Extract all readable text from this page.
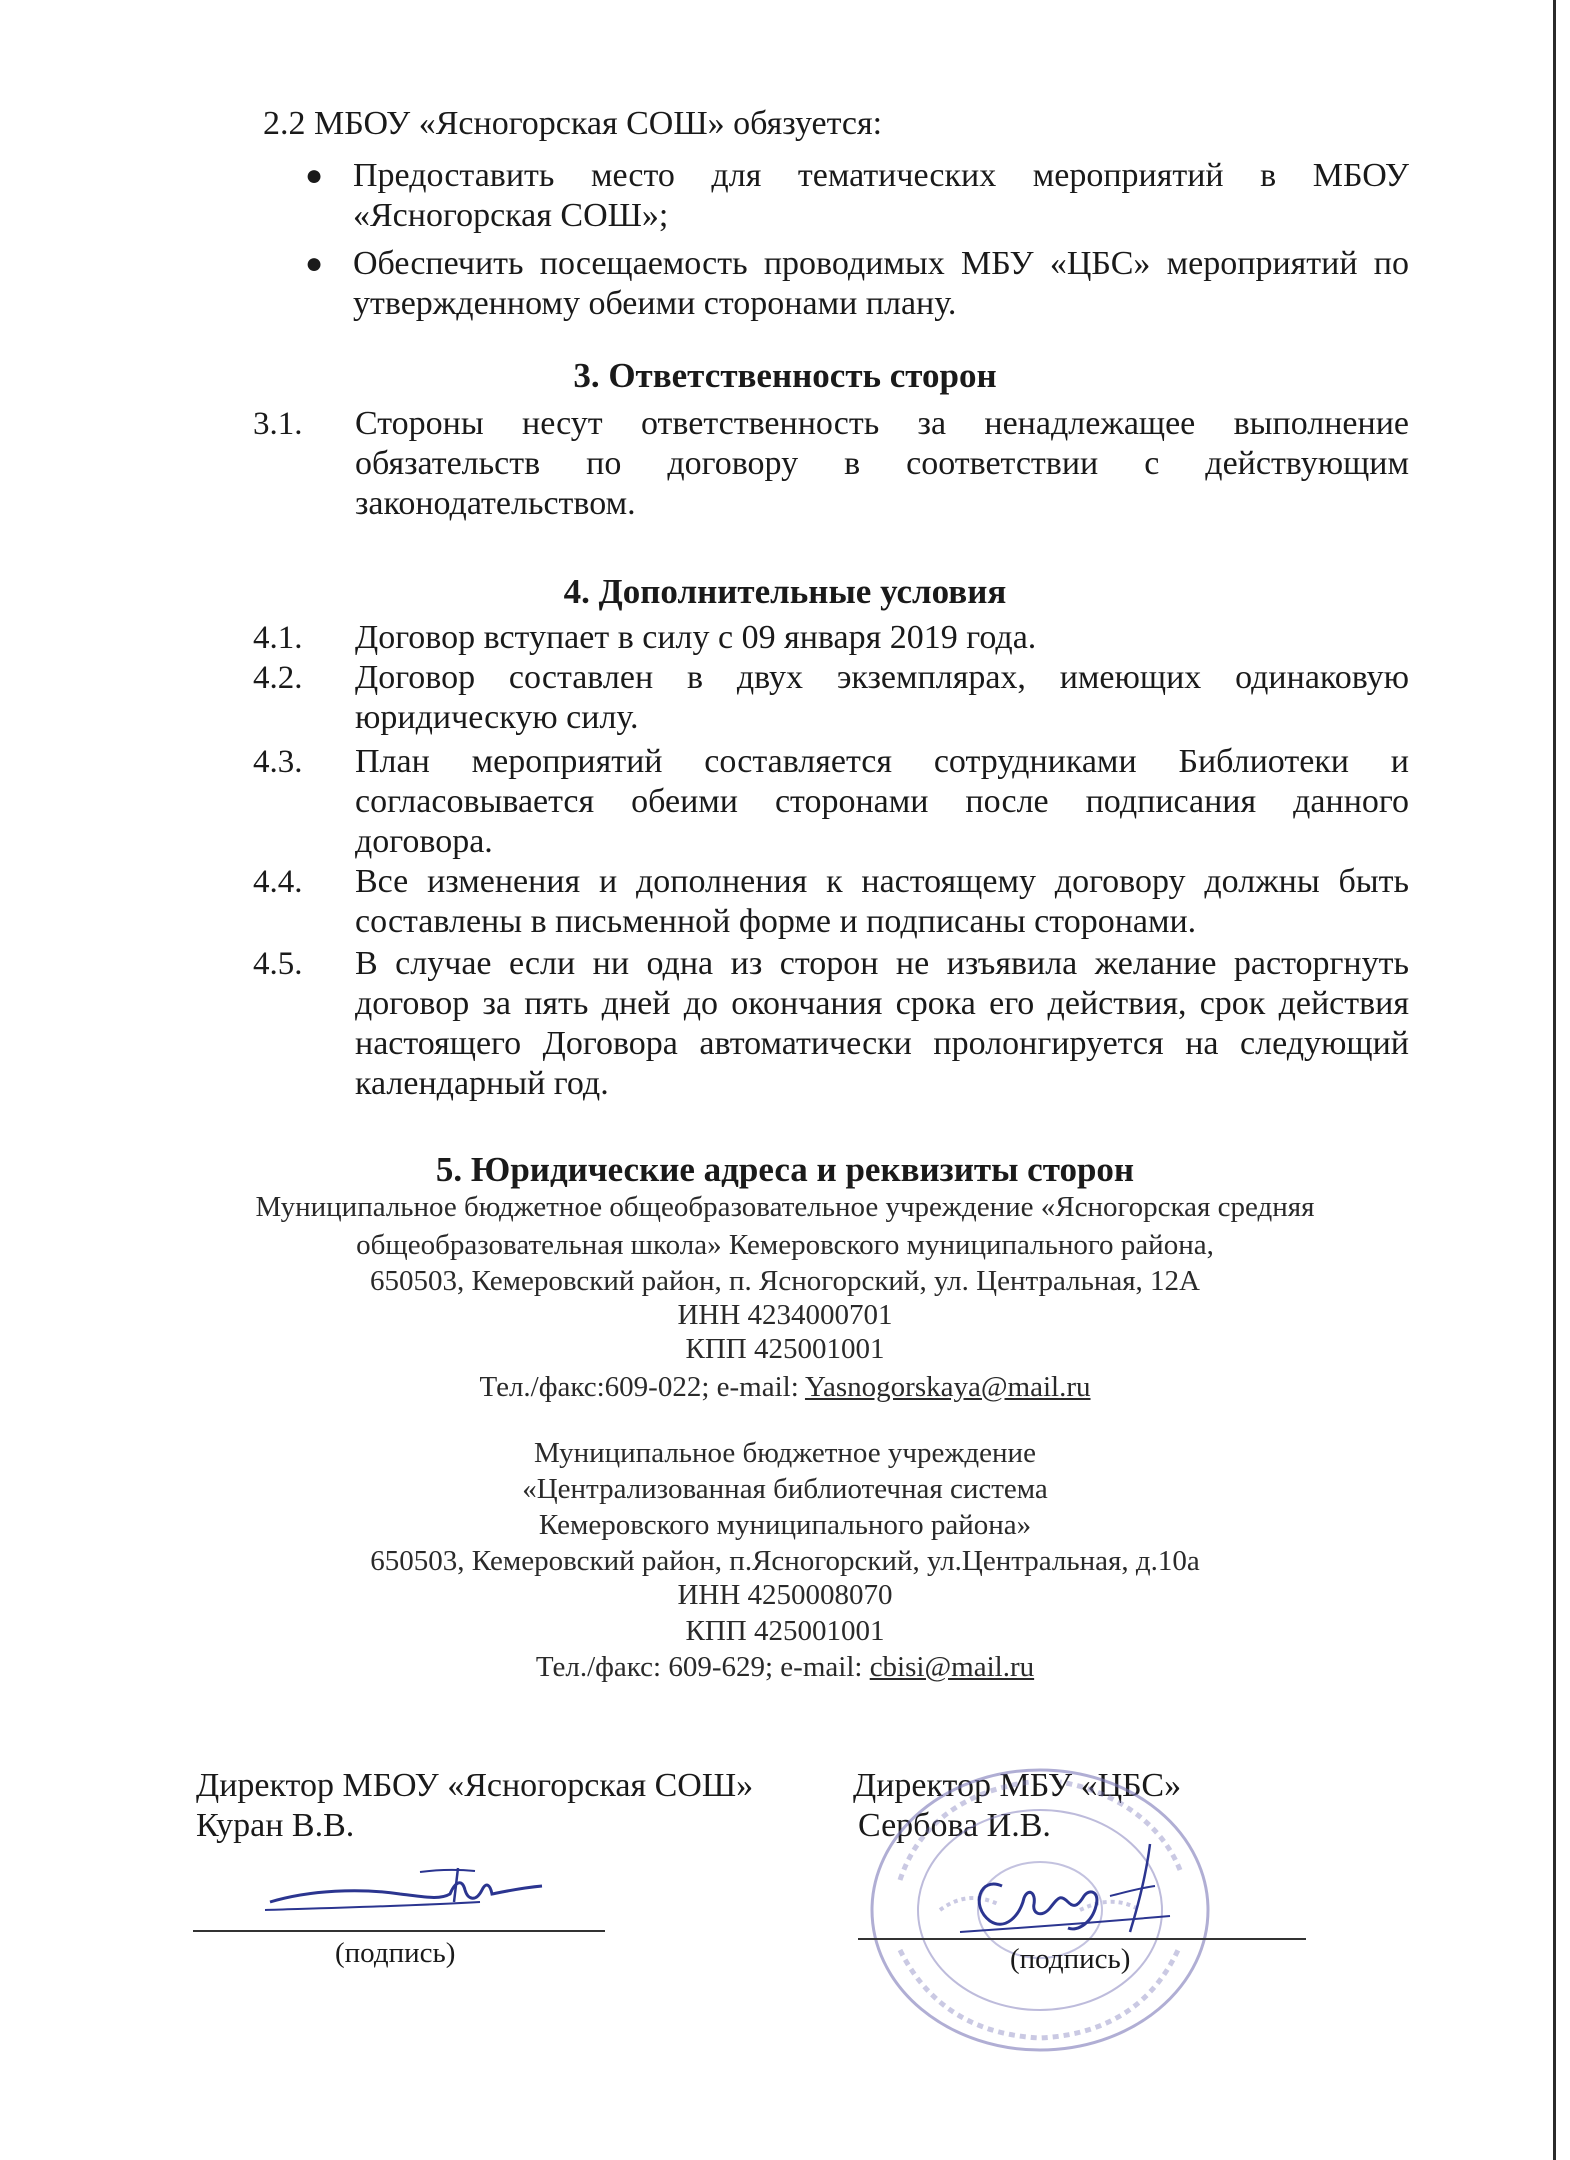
2.2 МБОУ «Ясногорская СОШ» обязуется:
● Предоставить место для тематических мероприятий в МБОУ «Ясногорская СОШ»;
● Обеспечить посещаемость проводимых МБУ «ЦБС» мероприятий по утвержденному обеими сторонами плану.
3. Ответственность сторон
3.1. Стороны несут ответственность за ненадлежащее выполнение обязательств по договору в соответствии с действующим законодательством.
4. Дополнительные условия
4.1. Договор вступает в силу с 09 января 2019 года.
4.2. Договор составлен в двух экземплярах, имеющих одинаковую юридическую силу.
4.3. План мероприятий составляется сотрудниками Библиотеки и согласовывается обеими сторонами после подписания данного договора.
4.4. Все изменения и дополнения к настоящему договору должны быть составлены в письменной форме и подписаны сторонами.
4.5. В случае если ни одна из сторон не изъявила желание расторгнуть договор за пять дней до окончания срока его действия, срок действия настоящего Договора автоматически пролонгируется на следующий календарный год.
5. Юридические адреса и реквизиты сторон
Муниципальное бюджетное общеобразовательное учреждение «Ясногорская средняя
общеобразовательная школа» Кемеровского муниципального района,
650503, Кемеровский район, п. Ясногорский, ул. Центральная, 12А
ИНН 4234000701
КПП 425001001
Тел./факс:609-022; e-mail: Yasnogorskaya@mail.ru
Муниципальное бюджетное учреждение
«Централизованная библиотечная система
Кемеровского муниципального района»
650503, Кемеровский район, п.Ясногорский, ул.Центральная, д.10а
ИНН 4250008070
КПП 425001001
Тел./факс: 609-629; e-mail: cbisi@mail.ru
Директор МБОУ «Ясногорская СОШ»
Куран В.В.
(подпись)
Директор МБУ «ЦБС»
Сербова И.В.
(подпись)
